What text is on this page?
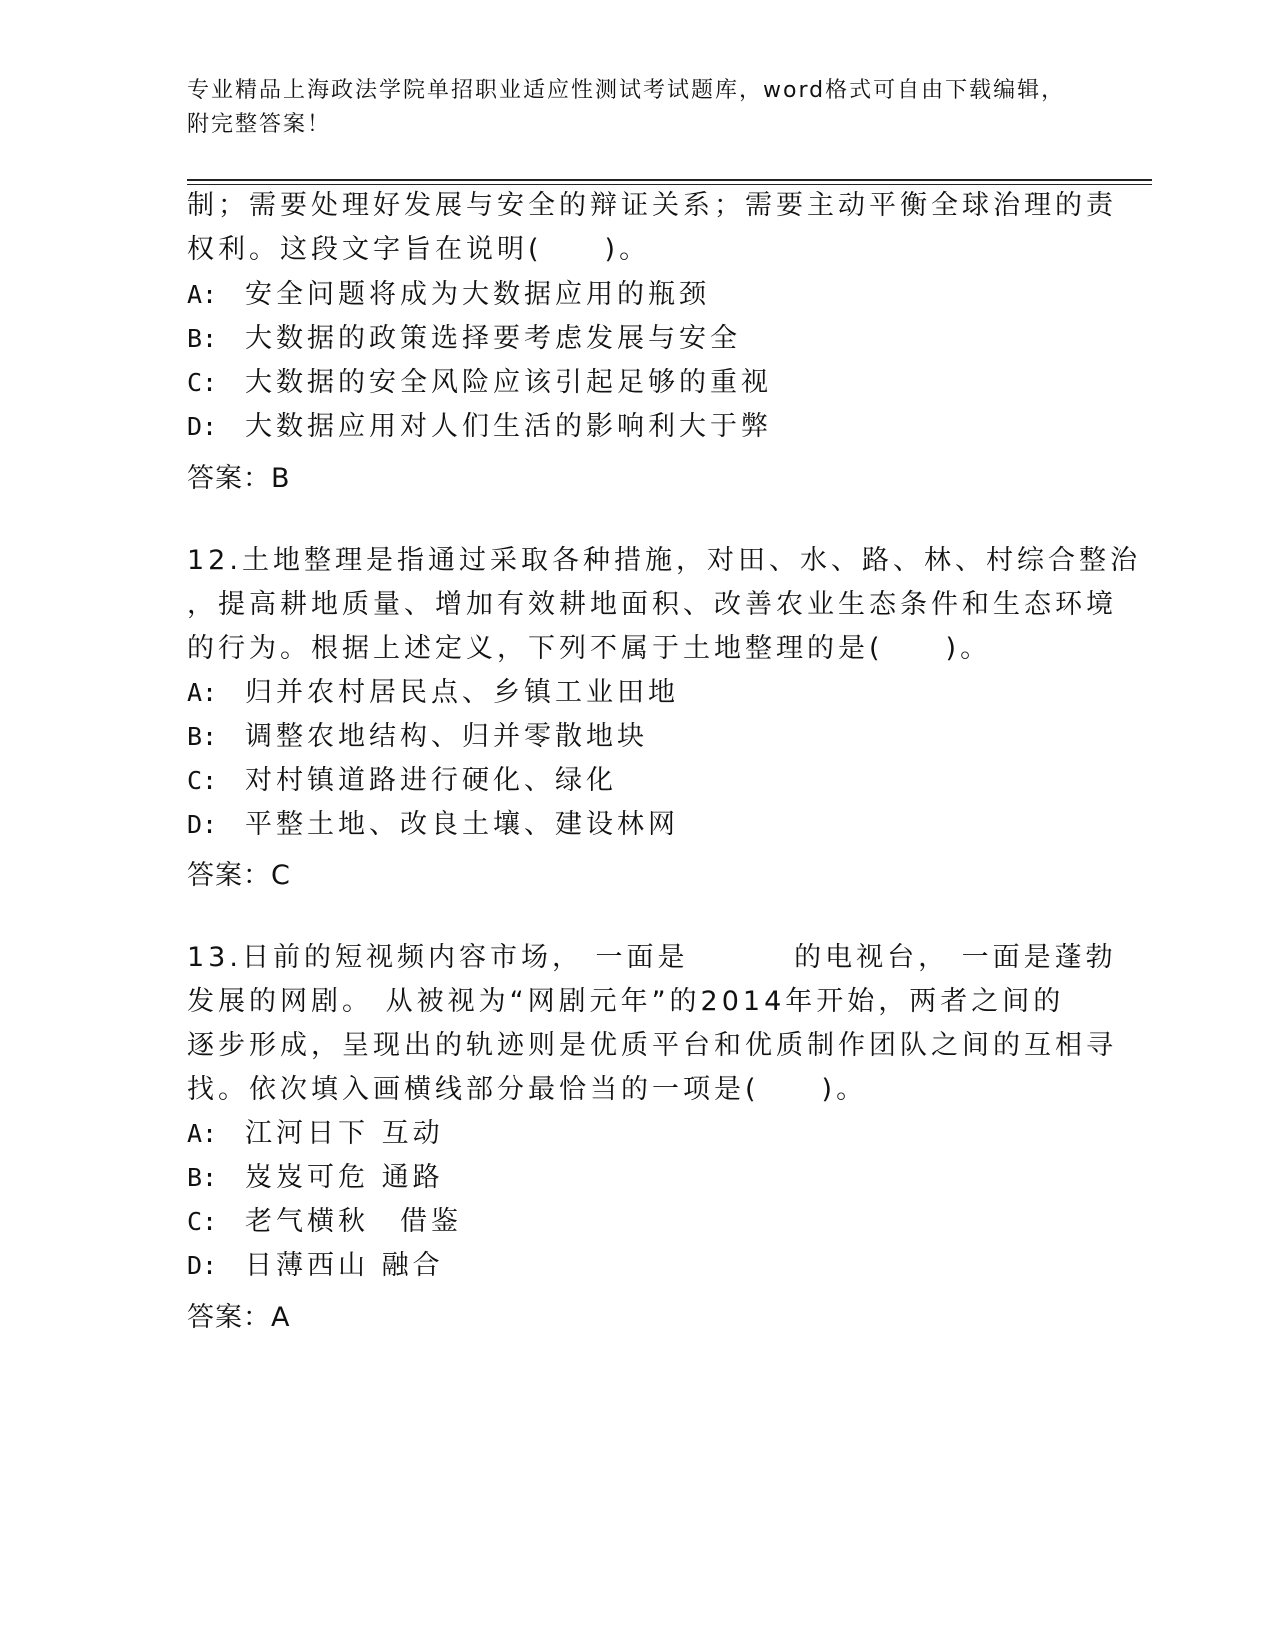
专业精品上海政法学院单招职业适应性测试考试题库，word格式可自由下载编辑，附完整答案！
制；需要处理好发展与安全的辩证关系；需要主动平衡全球治理的责
权利。这段文字旨在说明(　　)。
A: 安全问题将成为大数据应用的瓶颈
B: 大数据的政策选择要考虑发展与安全
C: 大数据的安全风险应该引起足够的重视
D: 大数据应用对人们生活的影响利大于弊
答案：B
12.土地整理是指通过采取各种措施，对田、水、路、林、村综合整治
，提高耕地质量、增加有效耕地面积、改善农业生态条件和生态环境
的行为。根据上述定义，下列不属于土地整理的是(　　)。
A: 归并农村居民点、乡镇工业田地
B: 调整农地结构、归并零散地块
C: 对村镇道路进行硬化、绿化
D: 平整土地、改良土壤、建设林网
答案：C
13.日前的短视频内容市场， 一面是　　　 的电视台， 一面是蓬勃
发展的网剧。 从被视为“网剧元年”的2014年开始，两者之间的
逐步形成，呈现出的轨迹则是优质平台和优质制作团队之间的互相寻
找。依次填入画横线部分最恰当的一项是(　　)。
A: 江河日下 互动
B: 岌岌可危 通路
C: 老气横秋　借鉴
D: 日薄西山 融合
答案：A
